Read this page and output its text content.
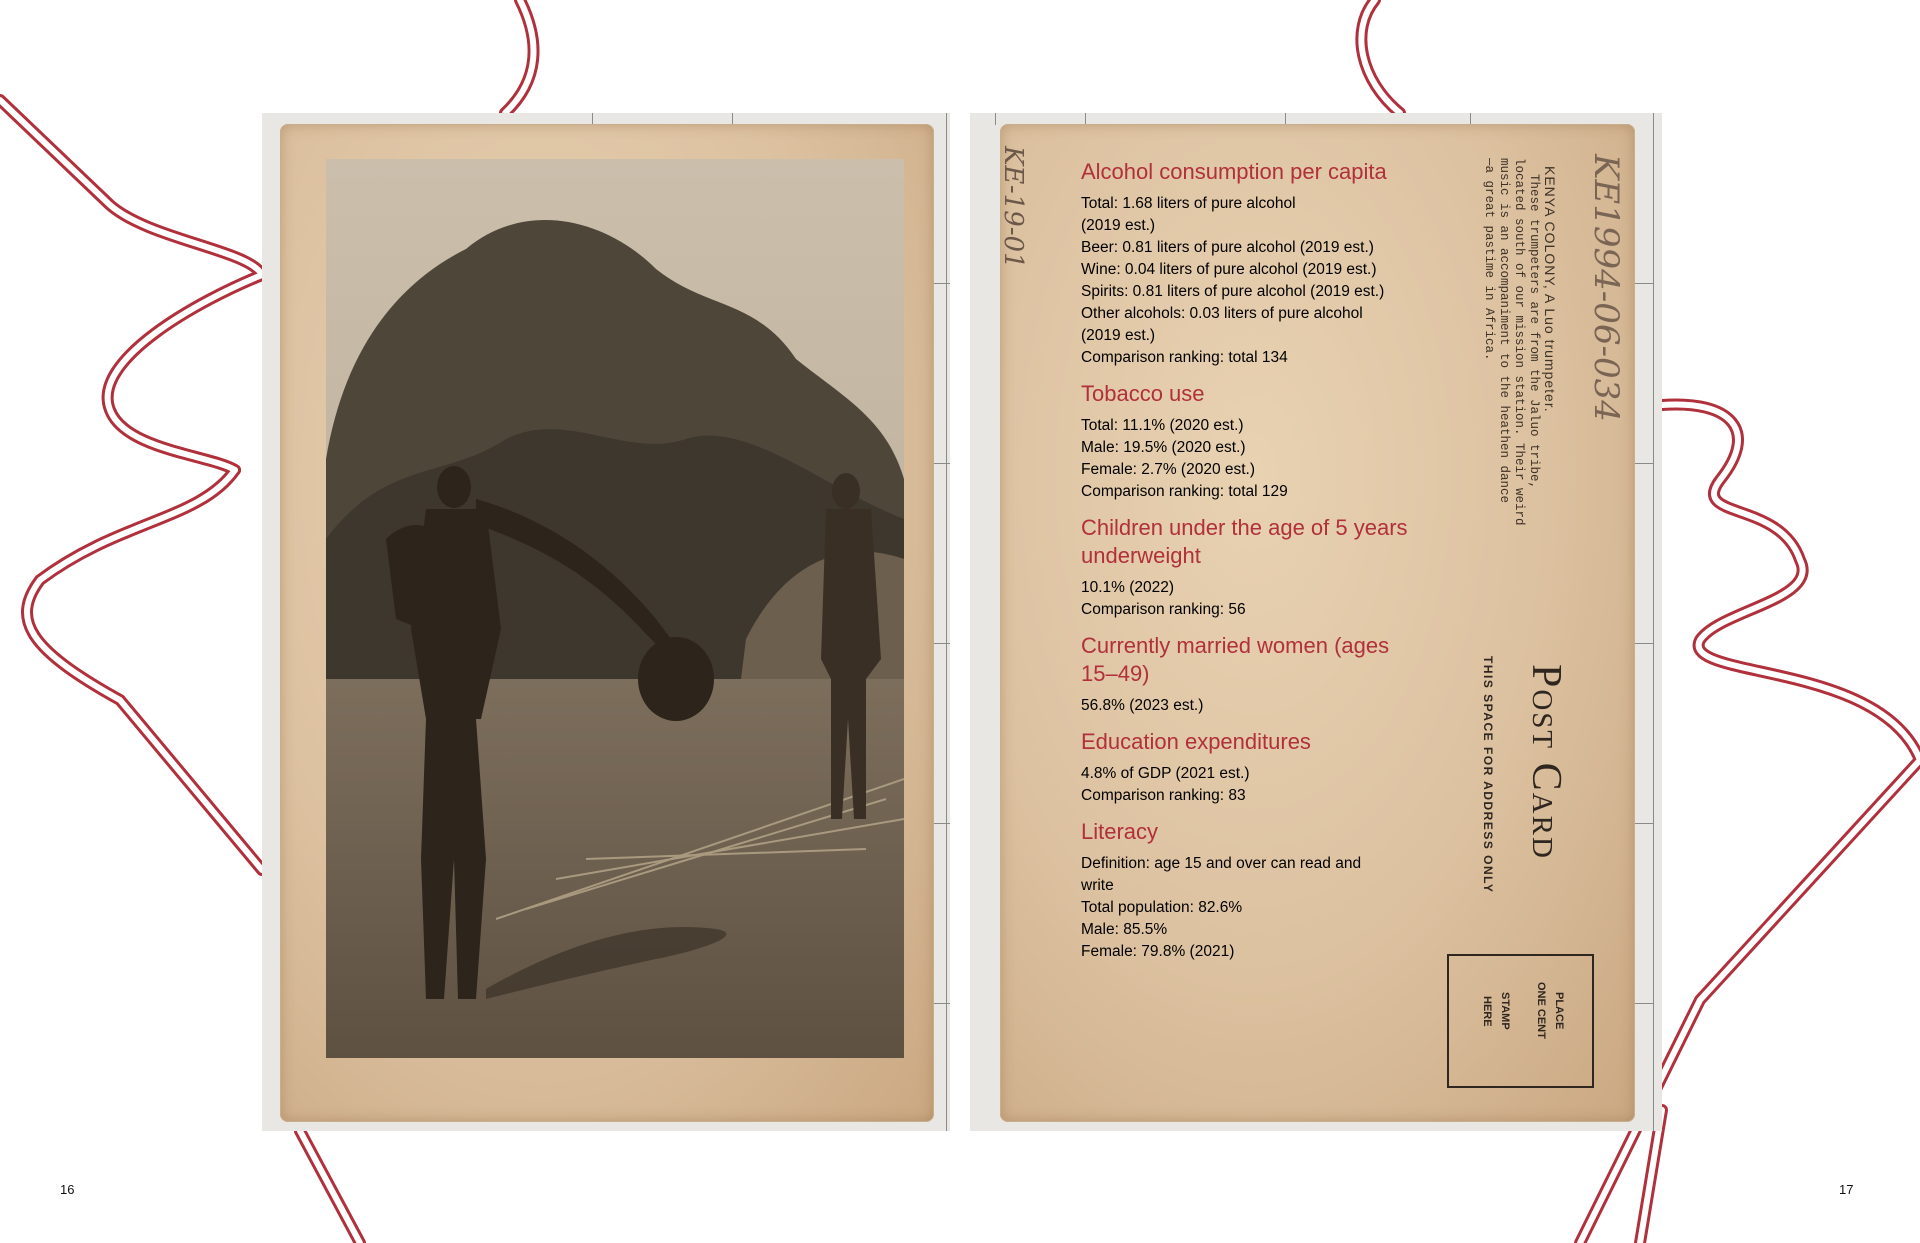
KE-19-01 Alcohol consumption per capita

Total: 1.68 liters of pure alcohol

(2019 est.)

Beer: 0.81 liters of pure alcohol (2019 est.)

Wine: 0.04 liters of pure alcohol (2019 est.)

Spirits: 0.81 liters of pure alcohol (2019 est.)

Other alcohols: 0.03 liters of pure alcohol

(2019 est.)

Comparison ranking: total 134

Tobacco use

Total: 11.1% (2020 est.)

Male: 19.5% (2020 est.)

Female: 2.7% (2020 est.)

Comparison ranking: total 129

Children under the age of 5 years underweight

10.1% (2022)

Comparison ranking: 56

Currently married women (ages 15–49)

56.8% (2023 est.)

Education expenditures

4.8% of GDP (2021 est.)

Comparison ranking: 83

Literacy

Definition: age 15 and over can read and

write

Total population: 82.6%

Male: 85.5%

Female: 79.8% (2021)

KE1994-06-034
KENYA COLONY, A Luo trumpeter.
These trumpeters are from the Jaluo tribe,
located south of our mission station. Their weird
music is an accompaniment to the heathen dance
—a great pastime in Africa.
Post Card
THIS SPACE FOR ADDRESS ONLY
PLACE
ONE CENT
STAMP
HERE
16	17
